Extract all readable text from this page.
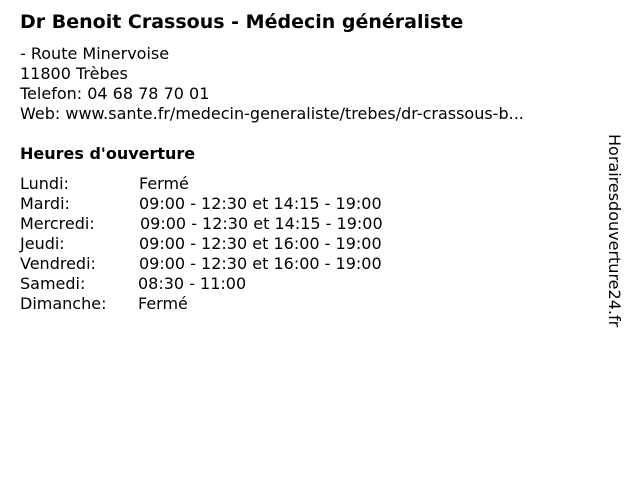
Dr Benoit Crassous - Médecin généraliste
- Route Minervoise
11800 Trèbes
Telefon: 04 68 78 70 01
Web: www.sante.fr/medecin-generaliste/trebes/dr-crassous-b...
Heures d'ouverture
Lundi:	Fermé
Mardi:	09:00 - 12:30 et 14:15 - 19:00
Mercredi:	09:00 - 12:30 et 14:15 - 19:00
Jeudi:	09:00 - 12:30 et 16:00 - 19:00
Vendredi:	09:00 - 12:30 et 16:00 - 19:00
Samedi:	08:30 - 11:00
Dimanche: Fermé	Horairesdouverture24.fr
